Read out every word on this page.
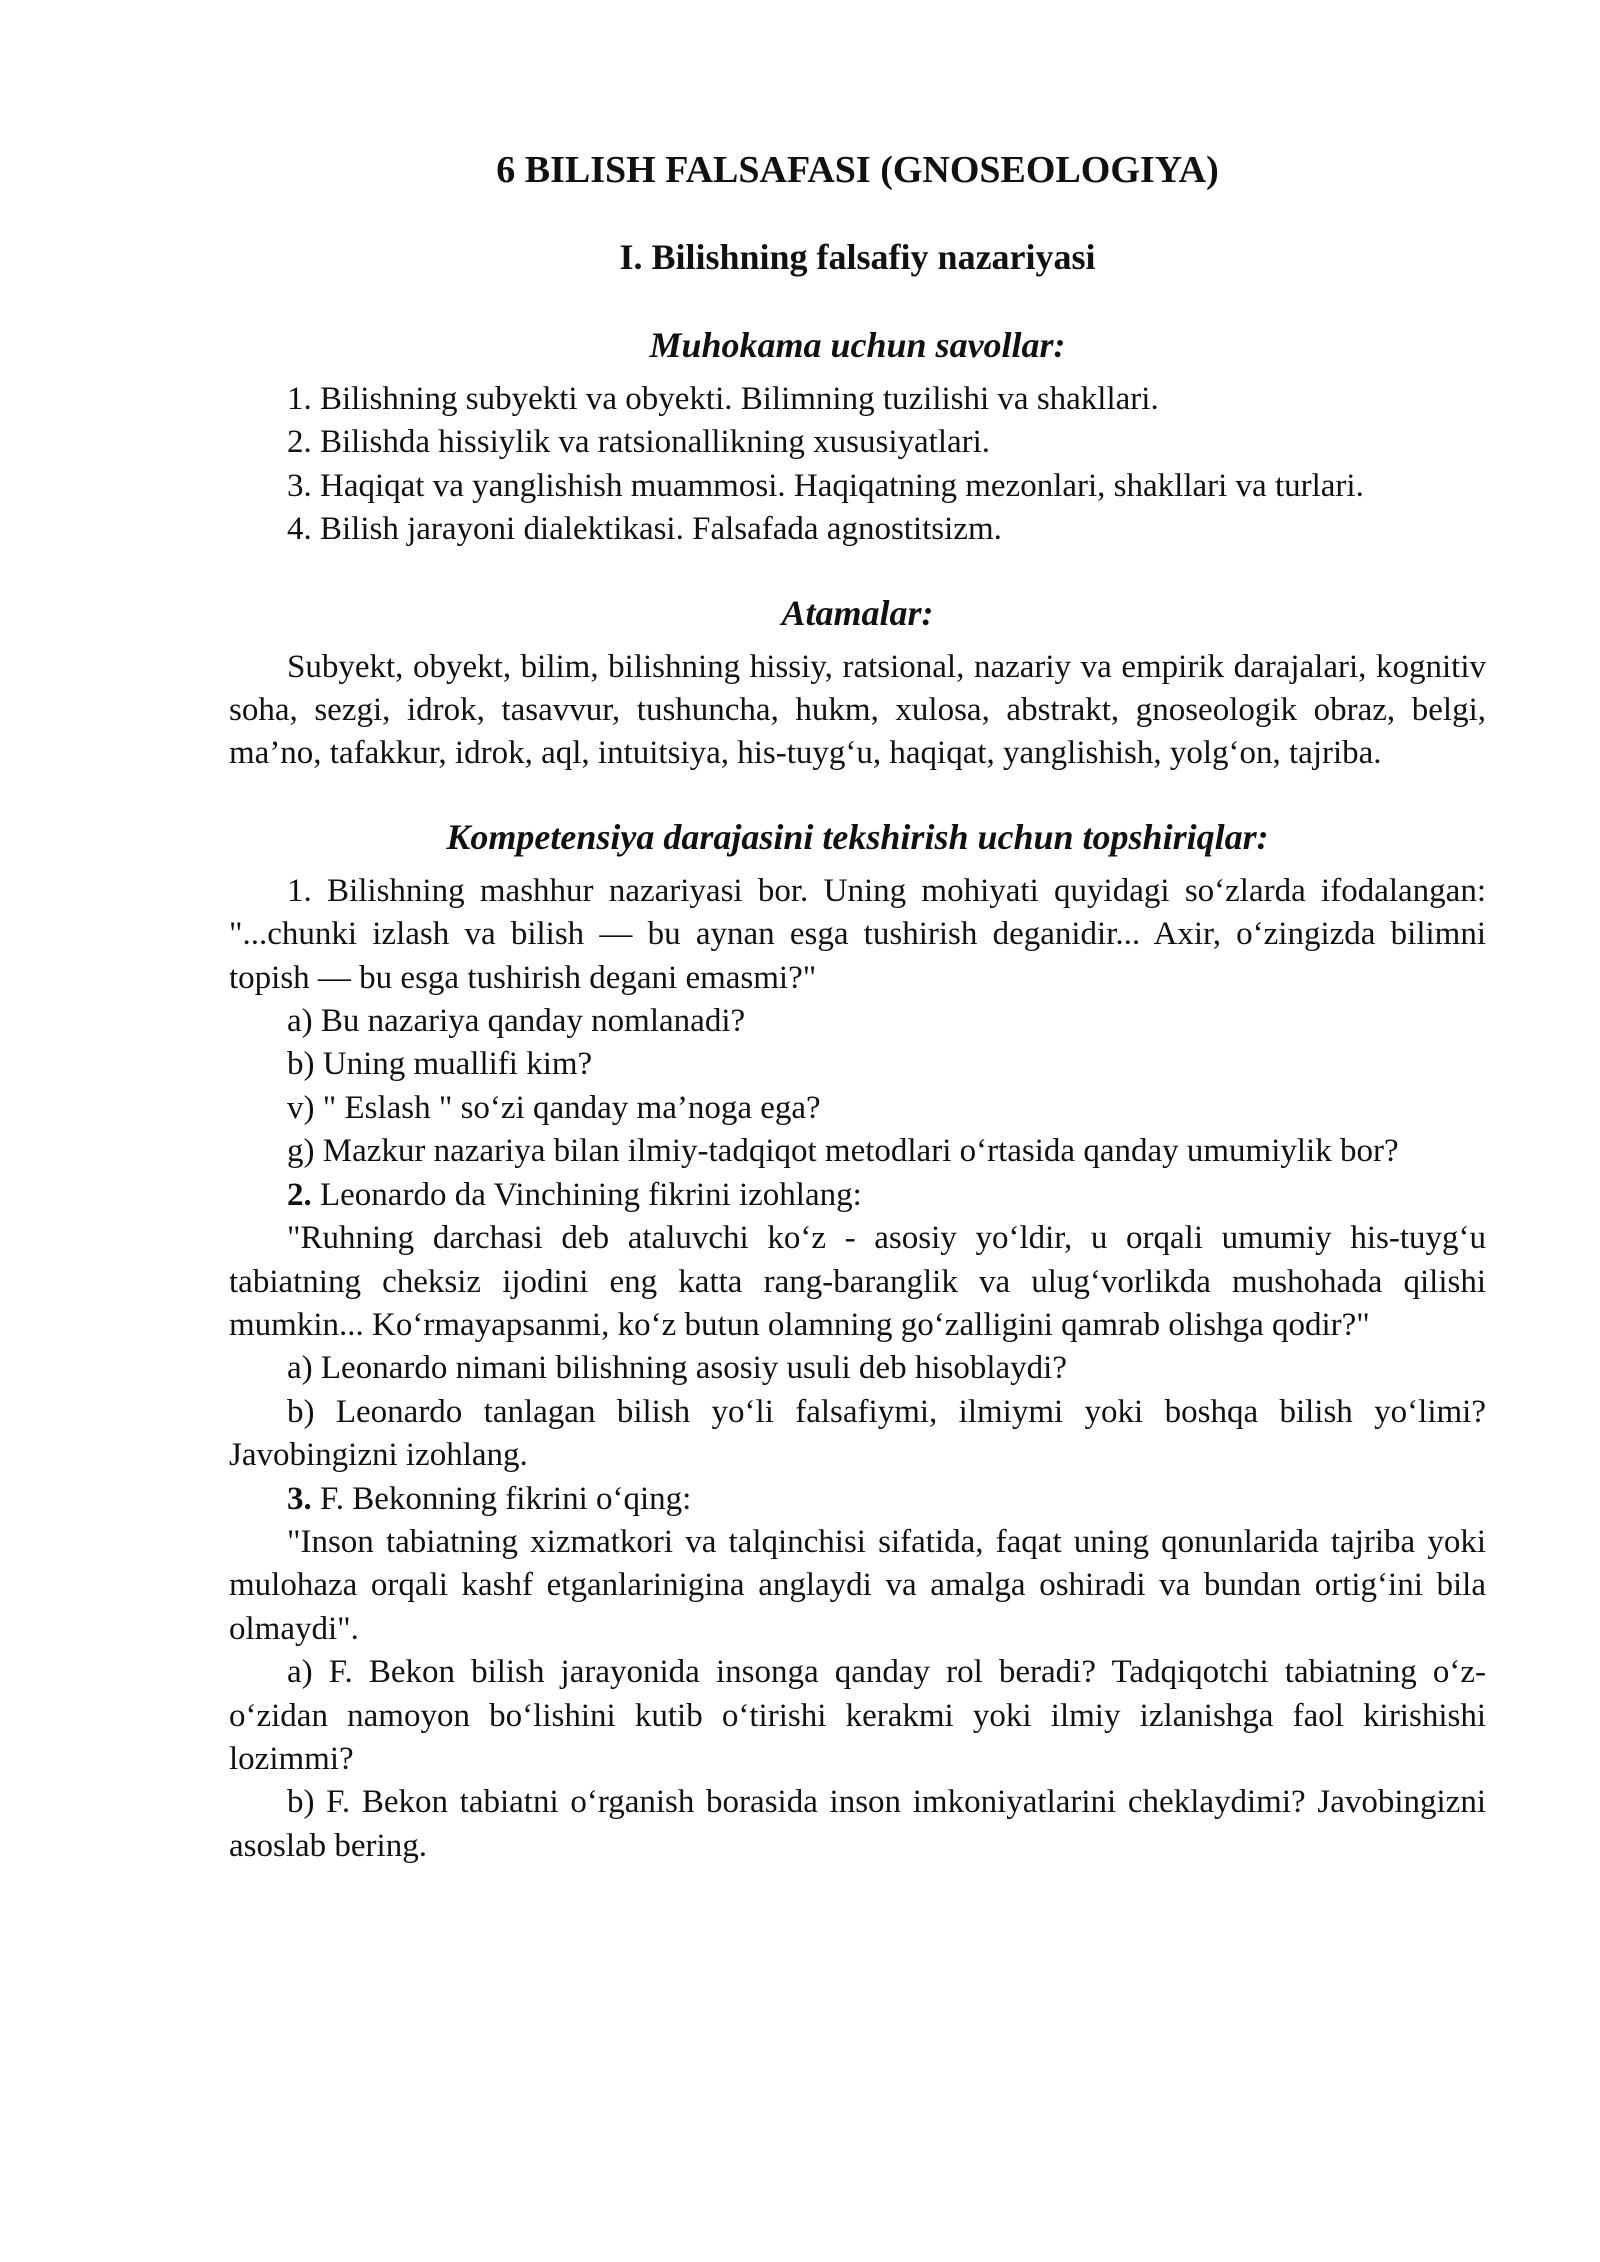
6 BILISH FALSAFASI (GNOSEOLOGIYA)
I. Bilishning falsafiy nazariyasi
Muhokama uchun savollar:

1. Bilishning subyekti va obyekti. Bilimning tuzilishi va shakllari.

2. Bilishda hissiylik va ratsionallikning xususiyatlari.

3. Haqiqat va yanglishish muammosi. Haqiqatning mezonlari, shakllari va turlari.

4. Bilish jarayoni dialektikasi. Falsafada agnostitsizm.

Atamalar:

Subyekt, obyekt, bilim, bilishning hissiy, ratsional, nazariy va empirik darajalari, kognitiv soha, sezgi, idrok, tasavvur, tushuncha, hukm, xulosa, abstrakt, gnoseologik obraz, belgi, ma’no, tafakkur, idrok, aql, intuitsiya, his-tuyg‘u, haqiqat, yanglishish, yolg‘on, tajriba.

Kompetensiya darajasini tekshirish uchun topshiriqlar:

1. Bilishning mashhur nazariyasi bor. Uning mohiyati quyidagi so‘zlarda ifodalangan: "...chunki izlash va bilish — bu aynan esga tushirish deganidir... Axir, o‘zingizda bilimni topish — bu esga tushirish degani emasmi?"

a) Bu nazariya qanday nomlanadi?

b) Uning muallifi kim?

v) " Eslash " so‘zi qanday ma’noga ega?

g) Mazkur nazariya bilan ilmiy-tadqiqot metodlari o‘rtasida qanday umumiylik bor?

2. Leonardo da Vinchining fikrini izohlang:

"Ruhning darchasi deb ataluvchi ko‘z - asosiy yo‘ldir, u orqali umumiy his-tuyg‘u tabiatning cheksiz ijodini eng katta rang-baranglik va ulug‘vorlikda mushohada qilishi mumkin... Ko‘rmayapsanmi, ko‘z butun olamning go‘zalligini qamrab olishga qodir?"

a) Leonardo nimani bilishning asosiy usuli deb hisoblaydi?

b) Leonardo tanlagan bilish yo‘li falsafiymi, ilmiymi yoki boshqa bilish yo‘limi? Javobingizni izohlang.

3. F. Bekonning fikrini o‘qing:

"Inson tabiatning xizmatkori va talqinchisi sifatida, faqat uning qonunlarida tajriba yoki mulohaza orqali kashf etganlarinigina anglaydi va amalga oshiradi va bundan ortig‘ini bila olmaydi".

a) F. Bekon bilish jarayonida insonga qanday rol beradi? Tadqiqotchi tabiatning o‘z-o‘zidan namoyon bo‘lishini kutib o‘tirishi kerakmi yoki ilmiy izlanishga faol kirishishi lozimmi?

b) F. Bekon tabiatni o‘rganish borasida inson imkoniyatlarini cheklaydimi? Javobingizni asoslab bering.
